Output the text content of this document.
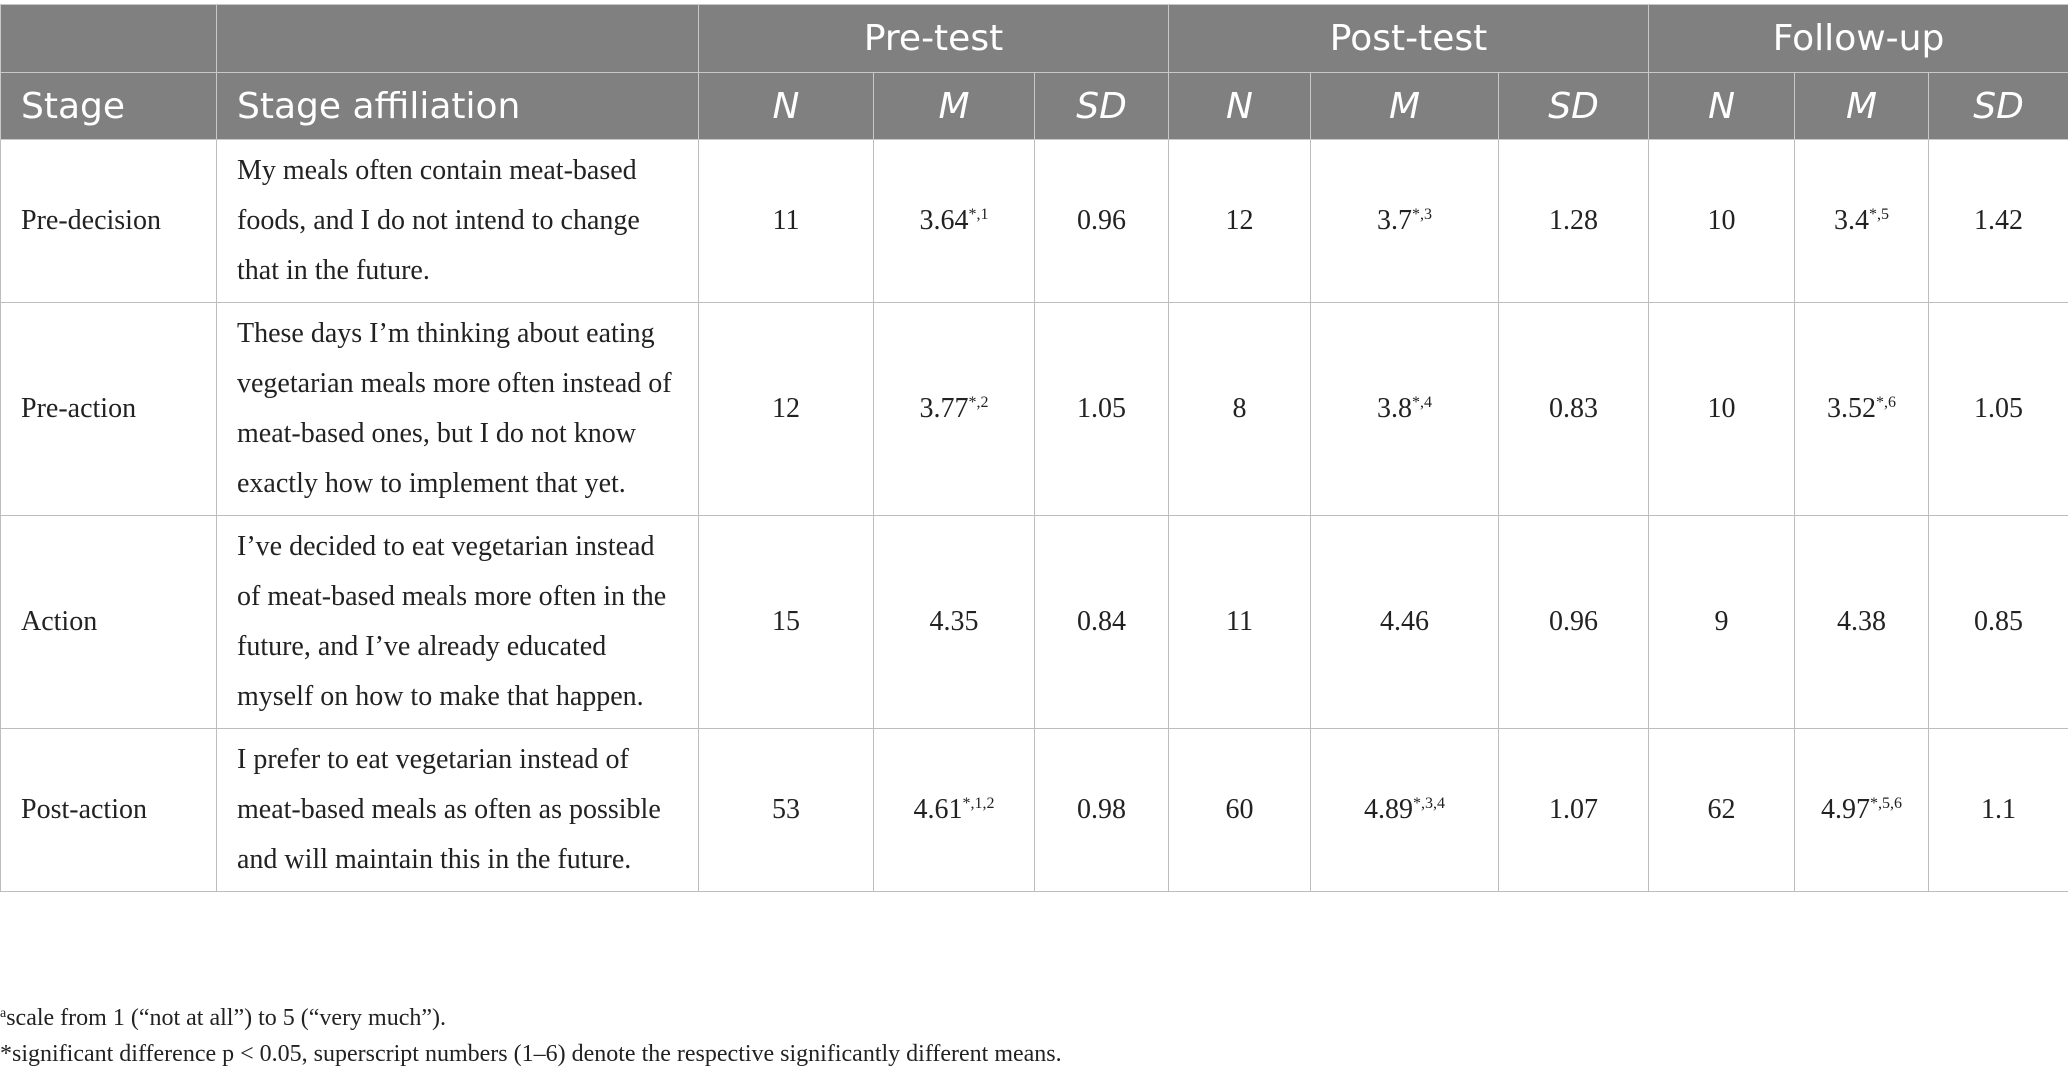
		Pre-test			Post-test			Follow-up		
Stage	Stage affiliation	N	M	SD	N	M	SD	N	M	SD
Pre-decision	My meals often contain meat-based foods, and I do not intend to change that in the future.	11	$3.64^{*,1}$	0.96	12	$3.7^{*,3}$	1.28	10	$3.4^{*,5}$	1.42
Pre-action	These days I’m thinking about eating vegetarian meals more often instead of meat-based ones, but I do not know exactly how to implement that yet.	12	$3.77^{*,2}$	1.05	8	$3.8^{*,4}$	0.83	10	$3.52^{*,6}$	1.05
Action	I’ve decided to eat vegetarian instead of meat-based meals more often in the future, and I’ve already educated myself on how to make that happen.	15	4.35	0.84	11	4.46	0.96	9	4.38	0.85
Post-action	I prefer to eat vegetarian instead of meat-based meals as often as possible and will maintain this in the future.	53	$4.61^{*,1,2}$	0.98	60	$4.89^{*,3,4}$	1.07	62	$4.97^{*,5,6}$	1.1
$^a$scale from 1 (“not at all”) to 5 (“very much”).
*significant difference p < 0.05, superscript numbers (1–6) denote the respective significantly different means.
